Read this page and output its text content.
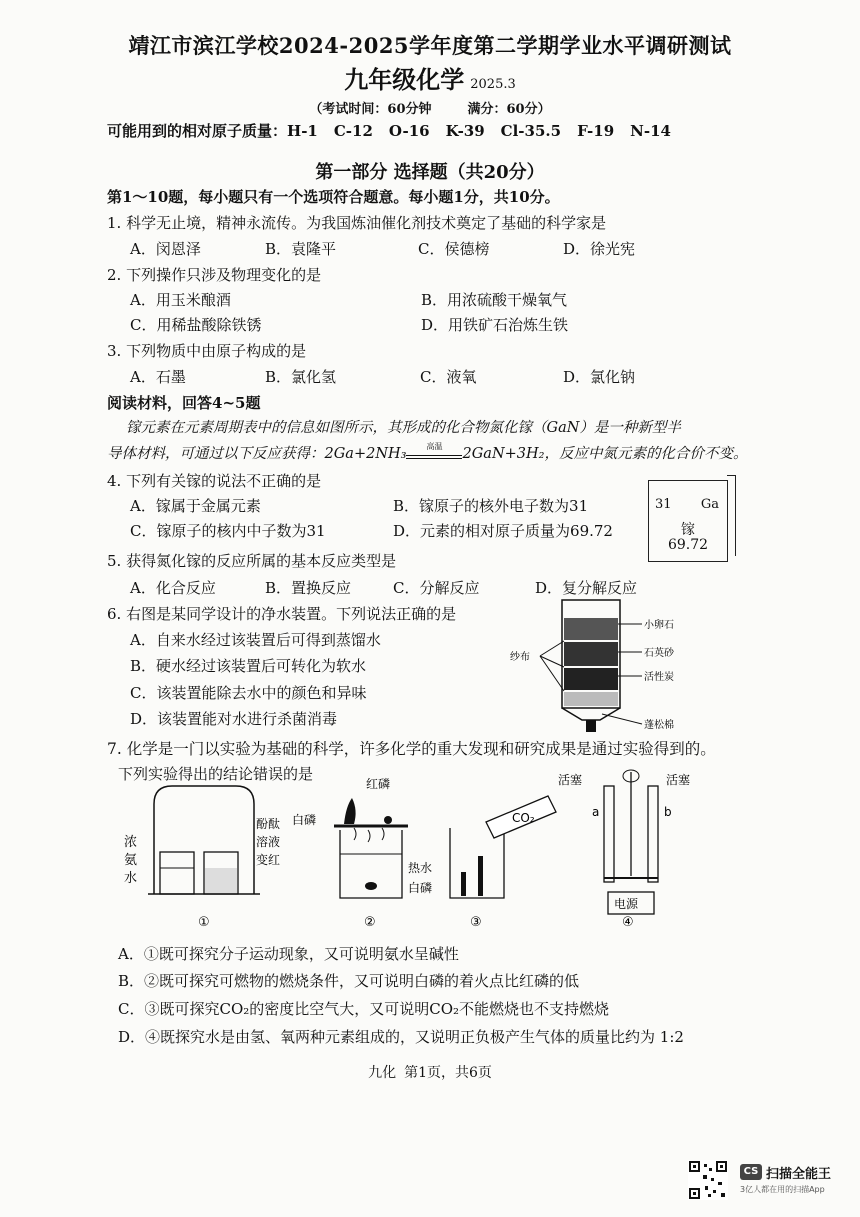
靖江市滨江学校2024-2025学年度第二学期学业水平调研测试
九年级化学 2025.3
（考试时间：60分钟	满分：60分）
可能用到的相对原子质量：H-1 C-12 O-16 K-39 Cl-35.5 F-19 N-14
第一部分 选择题（共20分）
第1～10题，每小题只有一个选项符合题意。每小题1分，共10分。
1. 科学无止境，精神永流传。为我国炼油催化剂技术奠定了基础的科学家是
A．闵恩泽	B．袁隆平	C．侯德榜	D．徐光宪
2. 下列操作只涉及物理变化的是
A．用玉米酿酒	B．用浓硫酸干燥氧气
C．用稀盐酸除铁锈	D．用铁矿石治炼生铁
3. 下列物质中由原子构成的是
A．石墨	B．氯化氢	C．液氧	D．氯化钠
阅读材料，回答4~5题
镓元素在元素周期表中的信息如图所示，其形成的化合物氮化镓（GaN）是一种新型半
导体材料，可通过以下反应获得：2Ga+2NH₃	高温	2GaN+3H₂，反应中氮元素的化合价不变。
4. 下列有关镓的说法不正确的是
A．镓属于金属元素	B．镓原子的核外电子数为31
C．镓原子的核内中子数为31	D．元素的相对原子质量为69.72
31 Ga
镓
69.72
5. 获得氮化镓的反应所属的基本反应类型是
A．化合反应	B．置换反应	C．分解反应	D．复分解反应
6. 右图是某同学设计的净水装置。下列说法正确的是
A．自来水经过该装置后可得到蒸馏水
B．硬水经过该装置后可转化为软水
C．该装置能除去水中的颜色和异味
D．该装置能对水进行杀菌消毒
小卵石
石英砂
活性炭
蓬松棉
纱布
7. 化学是一门以实验为基础的科学，许多化学的重大发现和研究成果是通过实验得到的。
下列实验得出的结论错误的是
浓
氨
水
酚酞
溶液
变红
①
白磷
红磷
热水
白磷
②
CO₂
③
电源
活塞	活塞
a	b
④
A．①既可探究分子运动现象，又可说明氨水呈碱性
B．②既可探究可燃物的燃烧条件，又可说明白磷的着火点比红磷的低
C．③既可探究CO₂的密度比空气大，又可说明CO₂不能燃烧也不支持燃烧
D．④既探究水是由氢、氧两种元素组成的，又说明正负极产生气体的质量比约为 1:2
九化 第1页，共6页
CS 扫描全能王
3亿人都在用的扫描App
